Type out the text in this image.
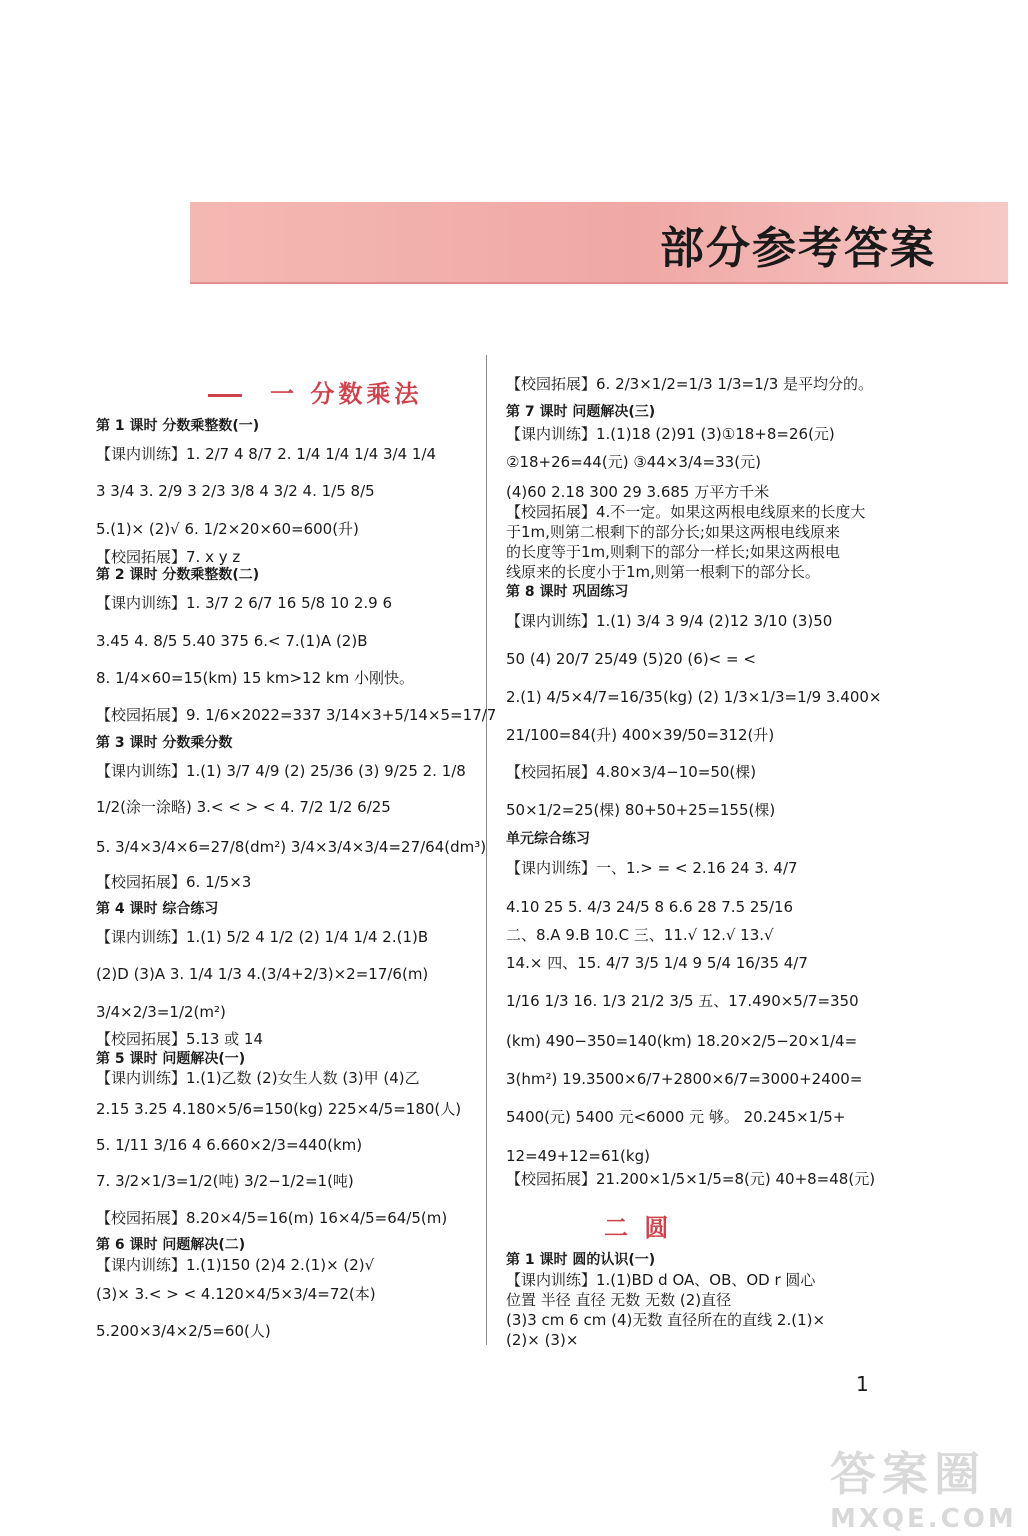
部分参考答案
一 分数乘法
二 圆
第 1 课时 分数乘整数(一)
【课内训练】1. 2/7 4 8/7 2. 1/4 1/4 1/4 3/4 1/4
3 3/4 3. 2/9 3 2/3 3/8 4 3/2 4. 1/5 8/5
5.(1)× (2)√ 6. 1/2×20×60=600(升)
【校园拓展】7. x y z
第 2 课时 分数乘整数(二)
【课内训练】1. 3/7 2 6/7 16 5/8 10 2.9 6
3.45 4. 8/5 5.40 375 6.< 7.(1)A (2)B
8. 1/4×60=15(km) 15 km>12 km 小刚快。
【校园拓展】9. 1/6×2022=337 3/14×3+5/14×5=17/7
第 3 课时 分数乘分数
【课内训练】1.(1) 3/7 4/9 (2) 25/36 (3) 9/25 2. 1/8
1/2(涂一涂略) 3.< < > < 4. 7/2 1/2 6/25
5. 3/4×3/4×6=27/8(dm²) 3/4×3/4×3/4=27/64(dm³)
【校园拓展】6. 1/5×3
第 4 课时 综合练习
【课内训练】1.(1) 5/2 4 1/2 (2) 1/4 1/4 2.(1)B
(2)D (3)A 3. 1/4 1/3 4.(3/4+2/3)×2=17/6(m)
3/4×2/3=1/2(m²)
【校园拓展】5.13 或 14
第 5 课时 问题解决(一)
【课内训练】1.(1)乙数 (2)女生人数 (3)甲 (4)乙
2.15 3.25 4.180×5/6=150(kg) 225×4/5=180(人)
5. 1/11 3/16 4 6.660×2/3=440(km)
7. 3/2×1/3=1/2(吨) 3/2−1/2=1(吨)
【校园拓展】8.20×4/5=16(m) 16×4/5=64/5(m)
第 6 课时 问题解决(二)
【课内训练】1.(1)150 (2)4 2.(1)× (2)√
(3)× 3.< > < 4.120×4/5×3/4=72(本)
5.200×3/4×2/5=60(人)
【校园拓展】6. 2/3×1/2=1/3 1/3=1/3 是平均分的。
第 7 课时 问题解决(三)
【课内训练】1.(1)18 (2)91 (3)①18+8=26(元)
②18+26=44(元) ③44×3/4=33(元)
(4)60 2.18 300 29 3.685 万平方千米
【校园拓展】4.不一定。如果这两根电线原来的长度大
于1m,则第二根剩下的部分长;如果这两根电线原来
的长度等于1m,则剩下的部分一样长;如果这两根电
线原来的长度小于1m,则第一根剩下的部分长。
第 8 课时 巩固练习
【课内训练】1.(1) 3/4 3 9/4 (2)12 3/10 (3)50
50 (4) 20/7 25/49 (5)20 (6)< = <
2.(1) 4/5×4/7=16/35(kg) (2) 1/3×1/3=1/9 3.400×
21/100=84(升) 400×39/50=312(升)
【校园拓展】4.80×3/4−10=50(棵)
50×1/2=25(棵) 80+50+25=155(棵)
单元综合练习
【课内训练】一、1.> = < 2.16 24 3. 4/7
4.10 25 5. 4/3 24/5 8 6.6 28 7.5 25/16
二、8.A 9.B 10.C 三、11.√ 12.√ 13.√
14.× 四、15. 4/7 3/5 1/4 9 5/4 16/35 4/7
1/16 1/3 16. 1/3 21/2 3/5 五、17.490×5/7=350
(km) 490−350=140(km) 18.20×2/5−20×1/4=
3(hm²) 19.3500×6/7+2800×6/7=3000+2400=
5400(元) 5400 元<6000 元 够。 20.245×1/5+
12=49+12=61(kg)
【校园拓展】21.200×1/5×1/5=8(元) 40+8=48(元)
第 1 课时 圆的认识(一)
【课内训练】1.(1)BD d OA、OB、OD r 圆心
位置 半径 直径 无数 无数 (2)直径
(3)3 cm 6 cm (4)无数 直径所在的直线 2.(1)×
(2)× (3)×
1
答案圈
MXQE.COM
